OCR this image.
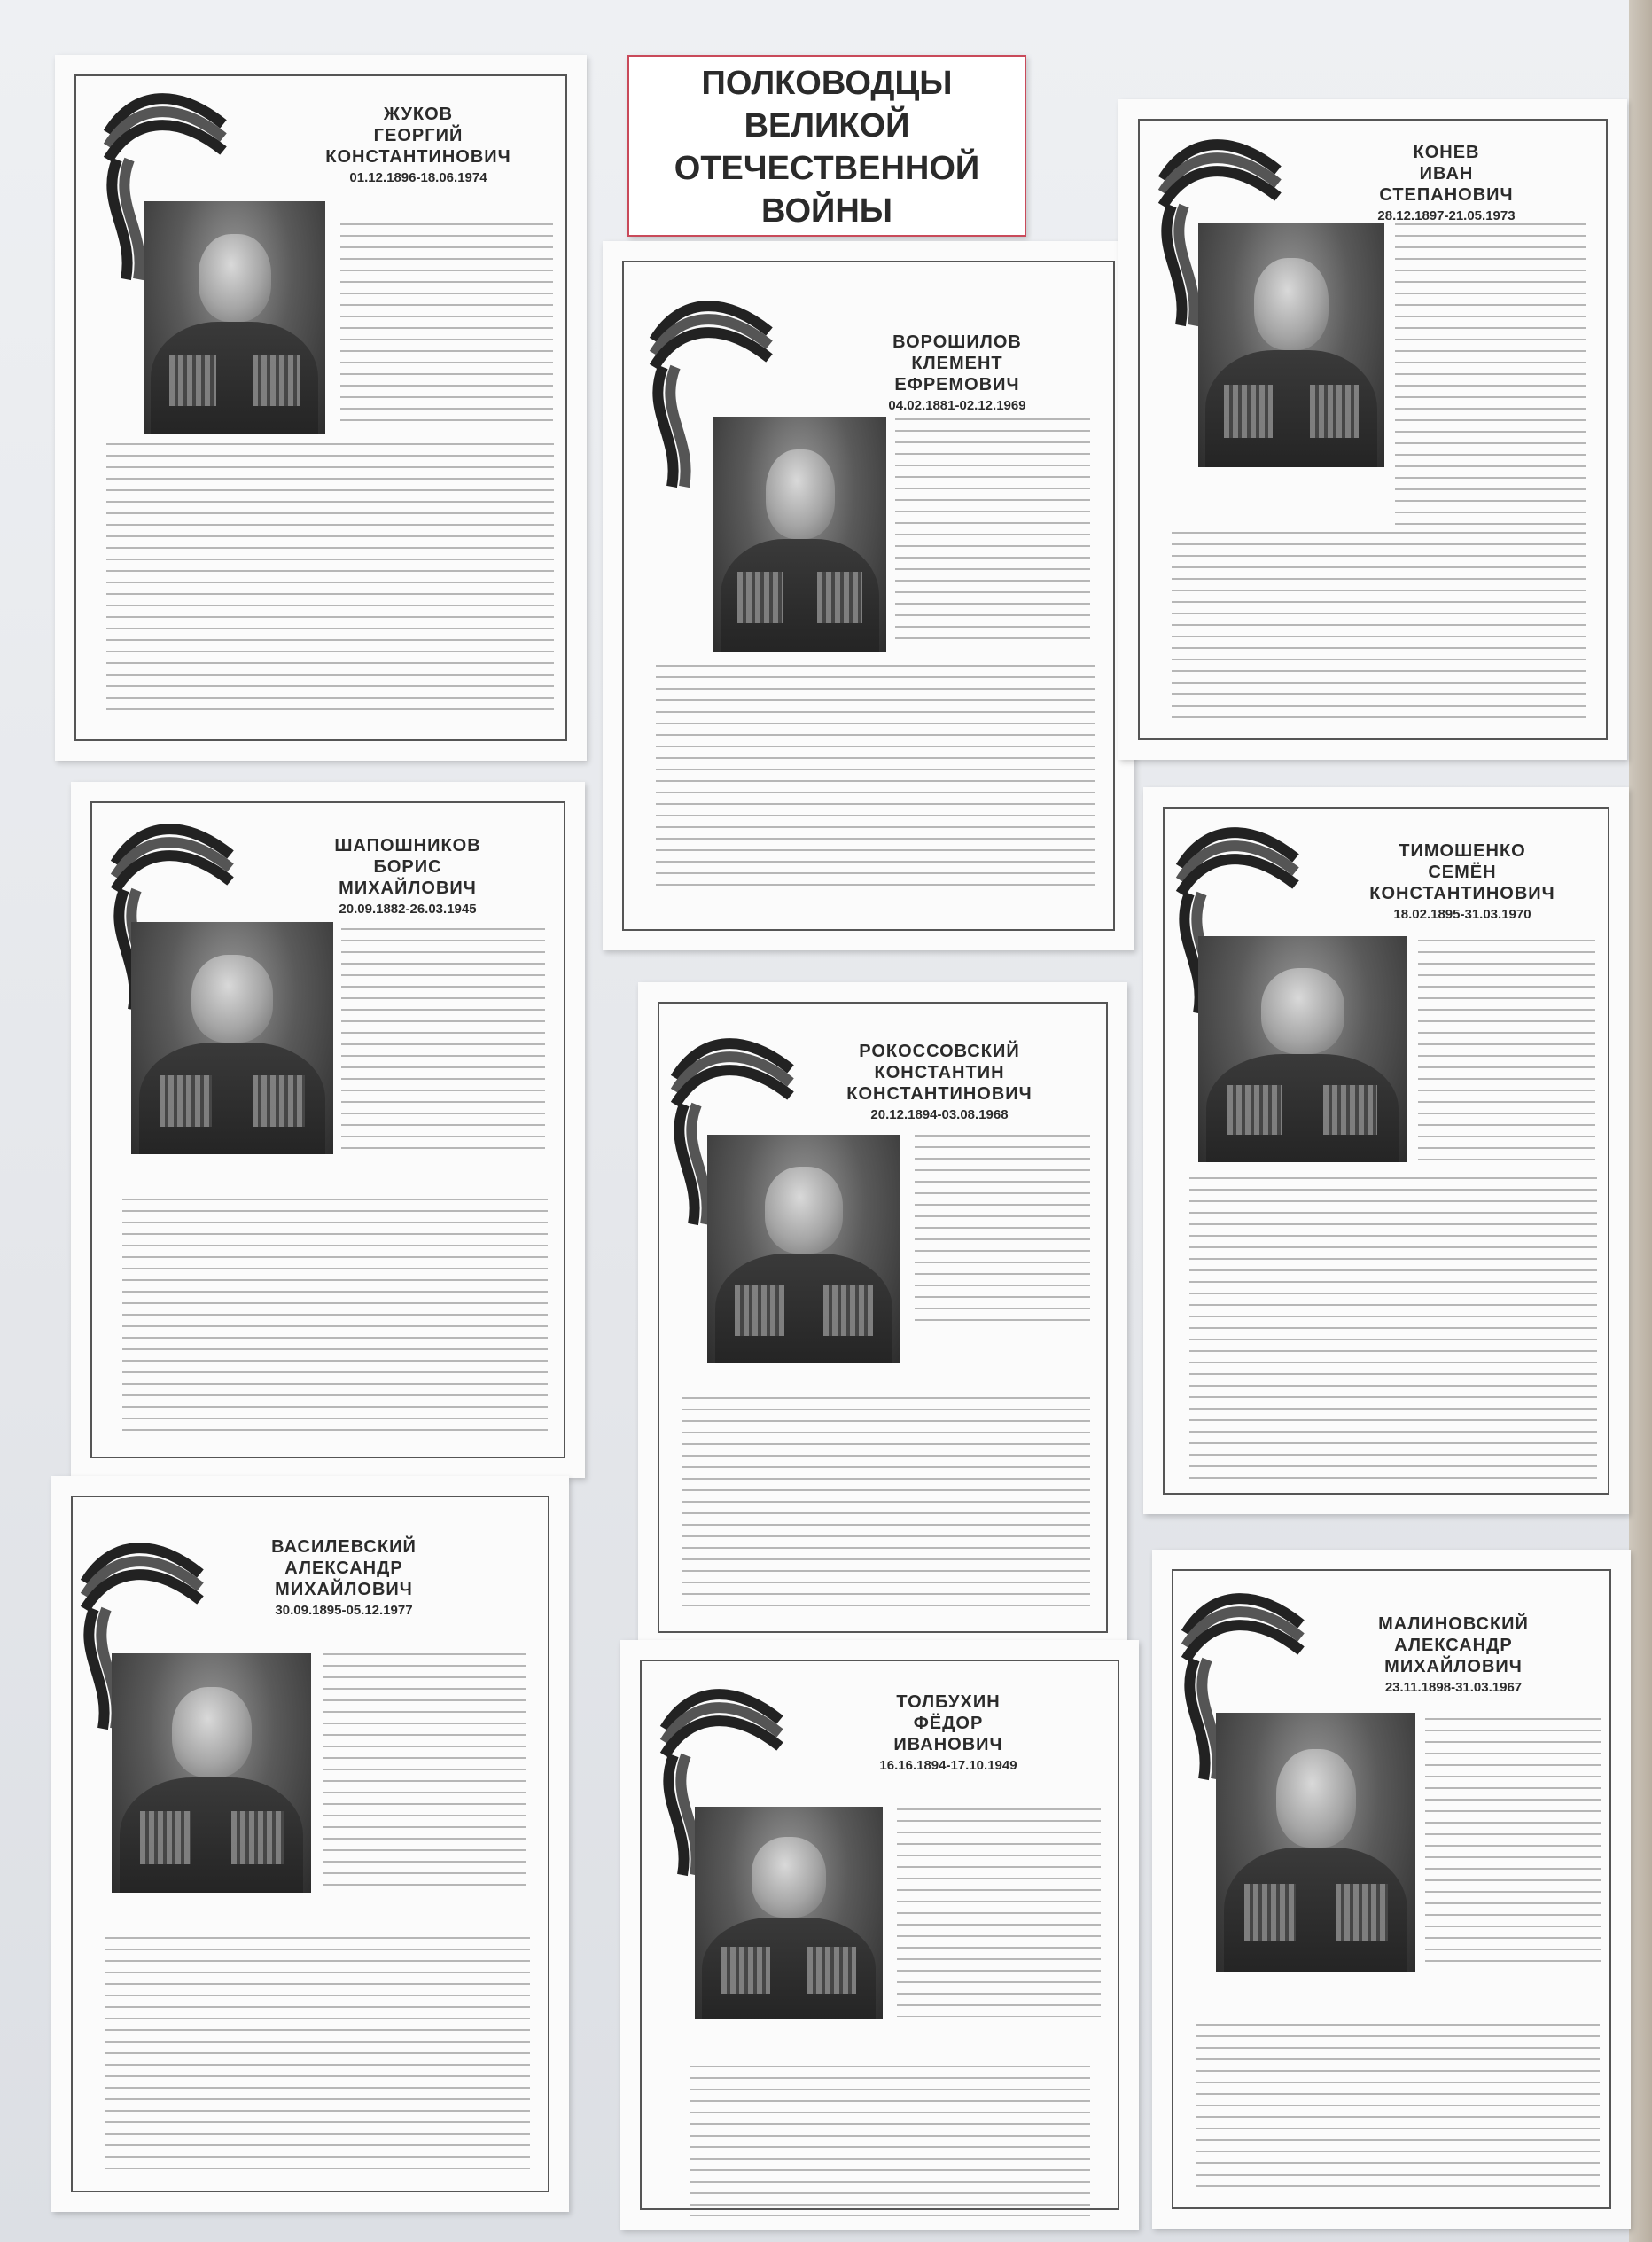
ПОЛКОВОДЦЫ
ВЕЛИКОЙ
ОТЕЧЕСТВЕННОЙ
ВОЙНЫ
ЖУКОВ
ГЕОРГИЙ
КОНСТАНТИНОВИЧ
01.12.1896-18.06.1974
ВОРОШИЛОВ
КЛЕМЕНТ
ЕФРЕМОВИЧ
04.02.1881-02.12.1969
КОНЕВ
ИВАН
СТЕПАНОВИЧ
28.12.1897-21.05.1973
ШАПОШНИКОВ
БОРИС
МИХАЙЛОВИЧ
20.09.1882-26.03.1945
РОКОССОВСКИЙ
КОНСТАНТИН
КОНСТАНТИНОВИЧ
20.12.1894-03.08.1968
ТИМОШЕНКО
СЕМЁН
КОНСТАНТИНОВИЧ
18.02.1895-31.03.1970
ВАСИЛЕВСКИЙ
АЛЕКСАНДР
МИХАЙЛОВИЧ
30.09.1895-05.12.1977
ТОЛБУХИН
ФЁДОР
ИВАНОВИЧ
16.16.1894-17.10.1949
МАЛИНОВСКИЙ
АЛЕКСАНДР
МИХАЙЛОВИЧ
23.11.1898-31.03.1967
